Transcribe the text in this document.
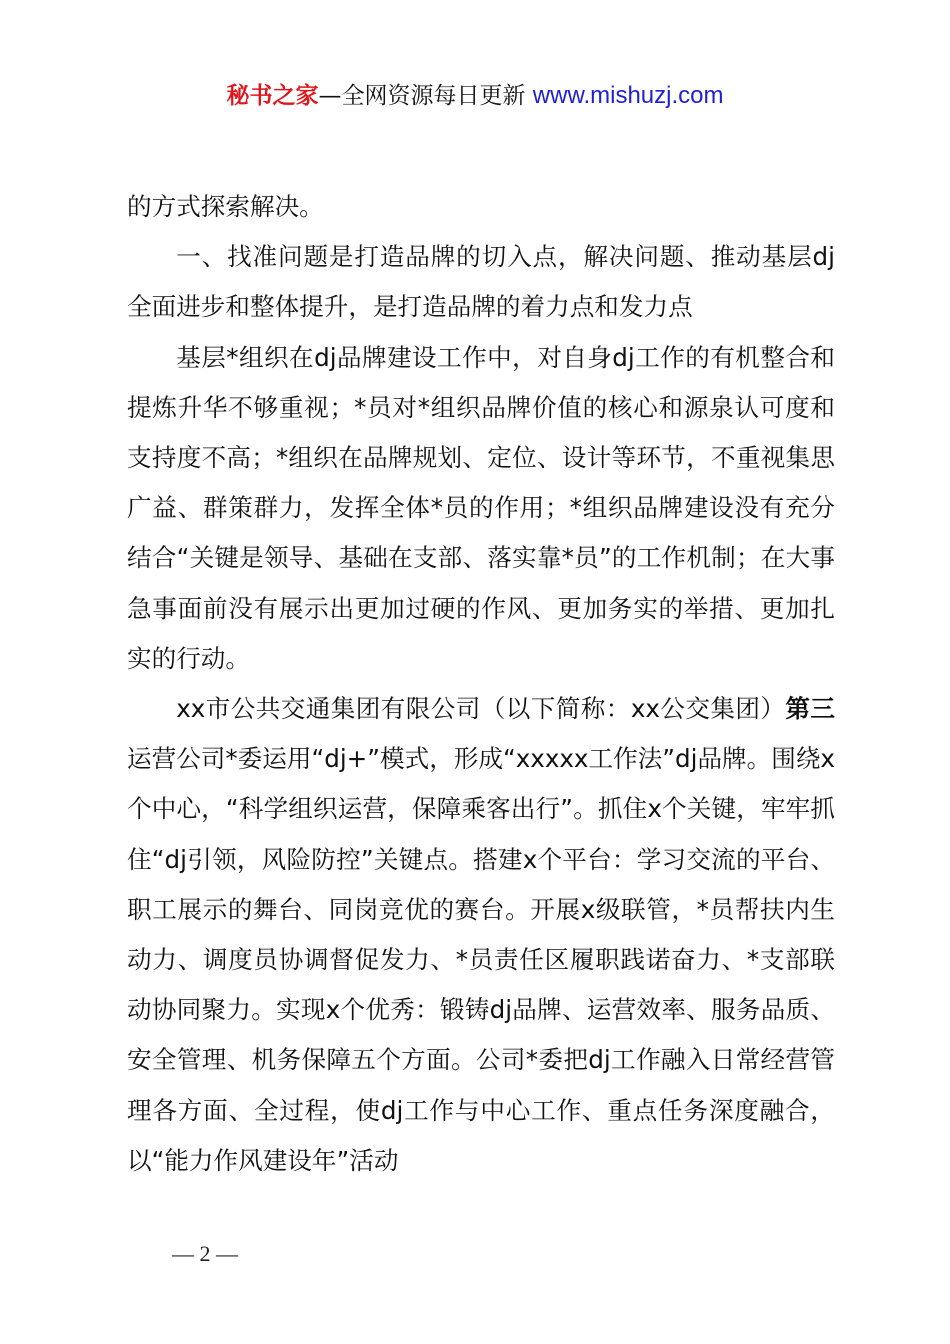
秘书之家—全网资源每日更新 www.mishuzj.com

的方式探索解决。

一、找准问题是打造品牌的切入点，解决问题、推动基层dj全面进步和整体提升，是打造品牌的着力点和发力点

基层*组织在dj品牌建设工作中，对自身dj工作的有机整合和提炼升华不够重视；*员对*组织品牌价值的核心和源泉认可度和支持度不高；*组织在品牌规划、定位、设计等环节，不重视集思广益、群策群力，发挥全体*员的作用；*组织品牌建设没有充分结合“关键是领导、基础在支部、落实靠*员”的工作机制；在大事急事面前没有展示出更加过硬的作风、更加务实的举措、更加扎实的行动。

xx市公共交通集团有限公司（以下简称：xx公交集团）第三运营公司*委运用“dj+”模式，形成“xxxxx工作法”dj品牌。围绕x个中心，“科学组织运营，保障乘客出行”。抓住x个关键，牢牢抓住“dj引领，风险防控”关键点。搭建x个平台：学习交流的平台、职工展示的舞台、同岗竞优的赛台。开展x级联管，*员帮扶内生动力、调度员协调督促发力、*员责任区履职践诺奋力、*支部联动协同聚力。实现x个优秀：锻铸dj品牌、运营效率、服务品质、安全管理、机务保障五个方面。公司*委把dj工作融入日常经营管理各方面、全过程，使dj工作与中心工作、重点任务深度融合，以“能力作风建设年”活动

— 2 —
